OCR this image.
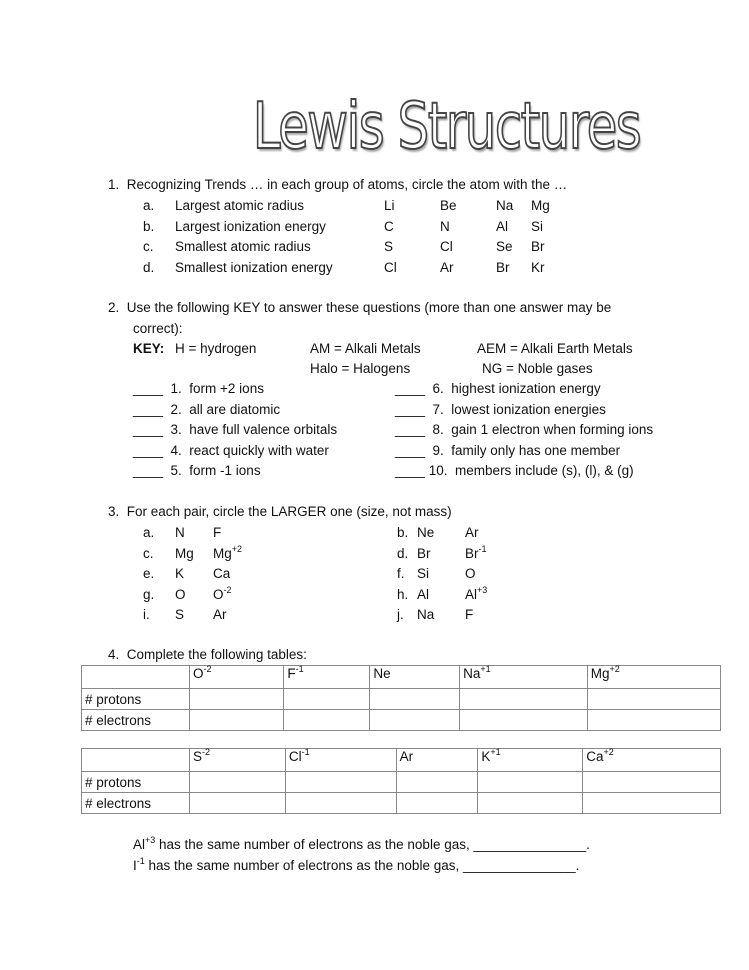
Lewis Structures
1.  Recognizing Trends … in each group of atoms, circle the atom with the …
a. Largest atomic radius	Li	Be	Na Mg
b. Largest ionization energy	C	N	Al Si
c. Smallest atomic radius	S	Cl	Se Br
d. Smallest ionization energy	Cl	Ar	Br Kr
2.  Use the following KEY to answer these questions (more than one answer may be
correct):
KEY: H = hydrogen	AM = Alkali Metals	AEM = Alkali Earth Metals
Halo = Halogens	NG = Noble gases
____  1.  form +2 ions
____  2.  all are diatomic
____  3.  have full valence orbitals
____  4.  react quickly with water
____  5.  form -1 ions
____  6.  highest ionization energy
____  7.  lowest ionization energies
____  8.  gain 1 electron when forming ions
____  9.  family only has one member
____ 10.  members include (s), (l), & (g)
3.  For each pair, circle the LARGER one (size, not mass)
a. N F	b. Ne Ar
c. Mg $Mg^{+2}$	d. Br	$Br^{-1}$
e. K Ca	f. Si	O
g. O $O^{-2}$	h. Al	$Al^{+3}$
i. S Ar	j. Na F
4.  Complete the following tables:
	$O^{-2}$	$F^{-1}$	Ne	$Na^{+1}$	$Mg^{+2}$
# protons					
# electrons					
	$S^{-2}$	$Cl^{-1}$	Ar	$K^{+1}$	$Ca^{+2}$
# protons					
# electrons					
$Al^{+3}$ has the same number of electrons as the noble gas, _______________.
$I^{-1}$ has the same number of electrons as the noble gas, _______________.
